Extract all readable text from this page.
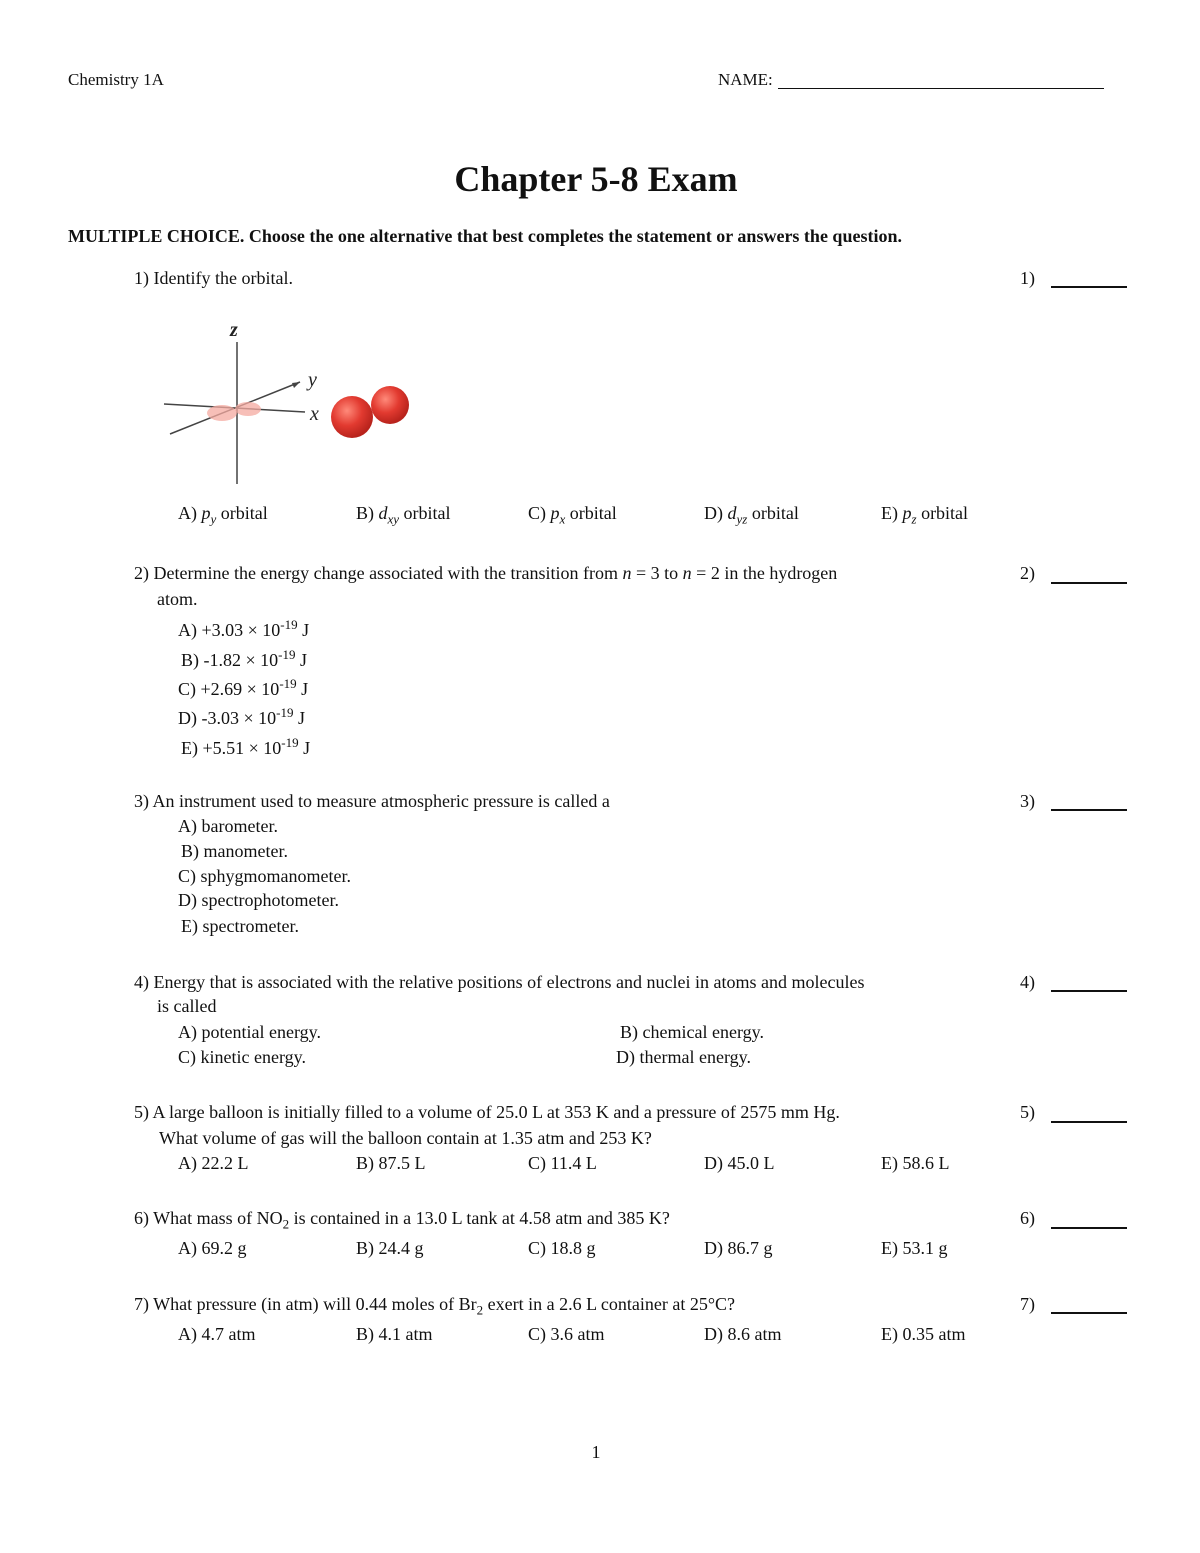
Chemistry 1A	NAME:
Chapter 5-8 Exam
MULTIPLE CHOICE. Choose the one alternative that best completes the statement or answers the question.
1) Identify the orbital.	1)
z
y
x
A) $p_y$ orbital	B) $d_{xy}$ orbital	C) $p_x$ orbital	D) $d_{yz}$ orbital	E) $p_z$ orbital
2) Determine the energy change associated with the transition from n = 3 to n = 2 in the hydrogen
atom.
2)
$A) +3.03 \times 10^{-19}$ J
B) $-1.82 \times 10^{-19}$ J
$C) +2.69 \times 10^{-19}$ J
D) $-3.03 \times 10^{-19}$ J
$E) +5.51 \times 10^{-19}$ J
3) An instrument used to measure atmospheric pressure is called a	3)
A) barometer.
B) manometer.
C) sphygmomanometer.
D) spectrophotometer.
E) spectrometer.
4) Energy that is associated with the relative positions of electrons and nuclei in atoms and molecules
is called
4)
A) potential energy.	B) chemical energy.
C) kinetic energy.	D) thermal energy.
5) A large balloon is initially filled to a volume of 25.0 L at 353 K and a pressure of 2575 mm Hg.
What volume of gas will the balloon contain at 1.35 atm and 253 K?
5)
A) 22.2 L	B) 87.5 L	C) 11.4 L	D) 45.0 L	E) 58.6 L
6) What mass of $NO_2$ is contained in a 13.0 L tank at 4.58 atm and 385 K?	6)
A) 69.2 g	B) 24.4 g	C) 18.8 g	D) 86.7 g	E) 53.1 g
7) What pressure (in atm) will 0.44 moles of $Br_2$ exert in a 2.6 L container at 25°C?	7)
A) 4.7 atm	B) 4.1 atm	C) 3.6 atm	D) 8.6 atm	E) 0.35 atm
1
